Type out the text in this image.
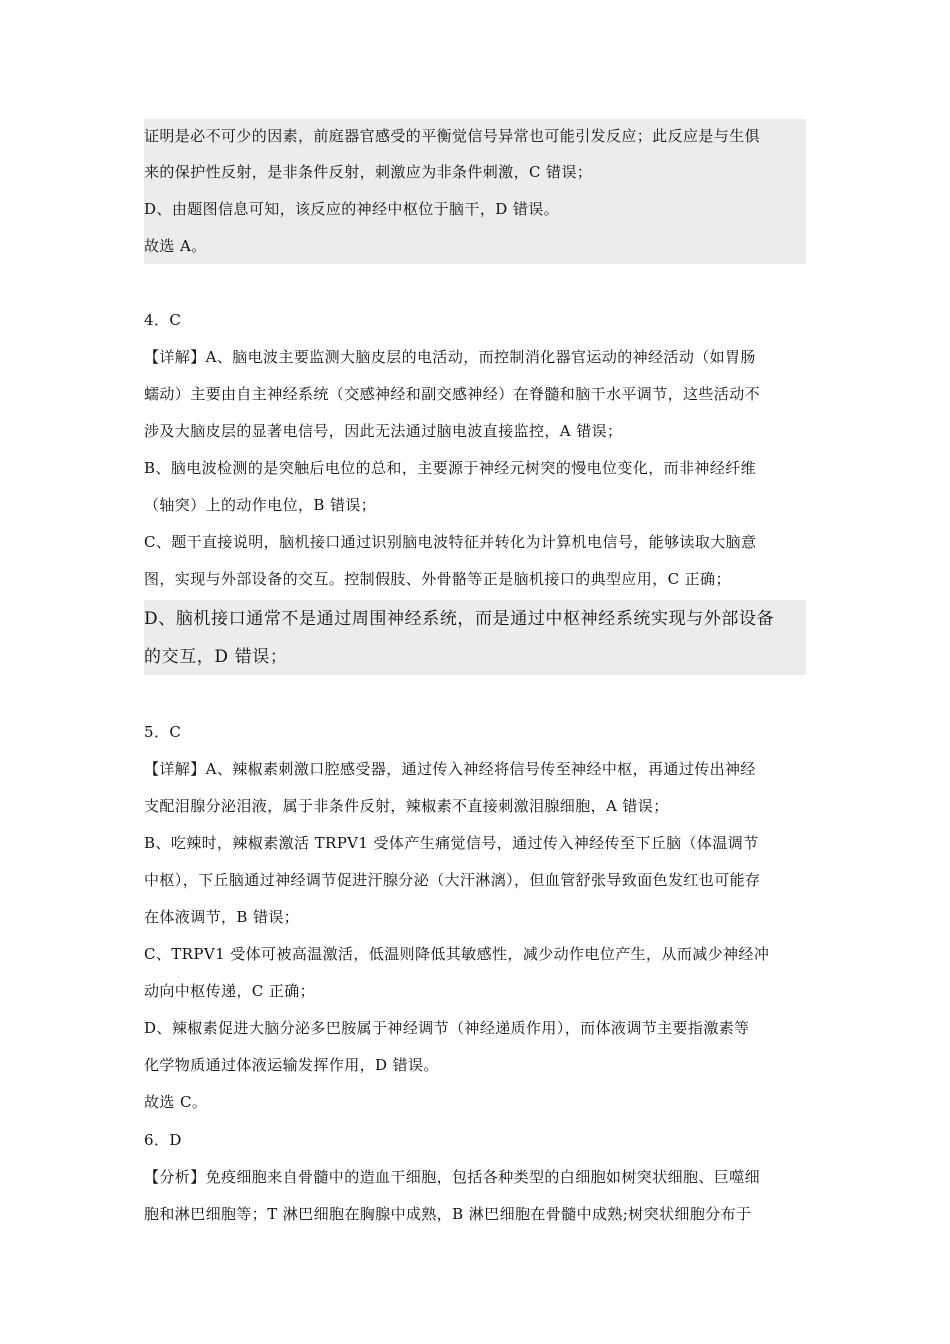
证明是必不可少的因素，前庭器官感受的平衡觉信号异常也可能引发反应；此反应是与生俱
来的保护性反射，是非条件反射，刺激应为非条件刺激，C 错误；
D、由题图信息可知，该反应的神经中枢位于脑干，D 错误。
故选 A。
4．C
【详解】A、脑电波主要监测大脑皮层的电活动，而控制消化器官运动的神经活动（如胃肠
蠕动）主要由自主神经系统（交感神经和副交感神经）在脊髓和脑干水平调节，这些活动不
涉及大脑皮层的显著电信号，因此无法通过脑电波直接监控，A 错误；
B、脑电波检测的是突触后电位的总和，主要源于神经元树突的慢电位变化，而非神经纤维
（轴突）上的动作电位，B 错误；
C、题干直接说明，脑机接口通过识别脑电波特征并转化为计算机电信号，能够读取大脑意
图，实现与外部设备的交互。控制假肢、外骨骼等正是脑机接口的典型应用，C 正确；
D、脑机接口通常不是通过周围神经系统，而是通过中枢神经系统实现与外部设备
的交互，D 错误；
5．C
【详解】A、辣椒素刺激口腔感受器，通过传入神经将信号传至神经中枢，再通过传出神经
支配泪腺分泌泪液，属于非条件反射，辣椒素不直接刺激泪腺细胞，A 错误；
B、吃辣时，辣椒素激活 TRPV1 受体产生痛觉信号，通过传入神经传至下丘脑（体温调节
中枢），下丘脑通过神经调节促进汗腺分泌（大汗淋漓），但血管舒张导致面色发红也可能存
在体液调节，B 错误；
C、TRPV1 受体可被高温激活，低温则降低其敏感性，减少动作电位产生，从而减少神经冲
动向中枢传递，C 正确；
D、辣椒素促进大脑分泌多巴胺属于神经调节（神经递质作用），而体液调节主要指激素等
化学物质通过体液运输发挥作用，D 错误。
故选 C。
6．D
【分析】免疫细胞来自骨髓中的造血干细胞，包括各种类型的白细胞如树突状细胞、巨噬细
胞和淋巴细胞等；T 淋巴细胞在胸腺中成熟，B 淋巴细胞在骨髓中成熟;树突状细胞分布于
